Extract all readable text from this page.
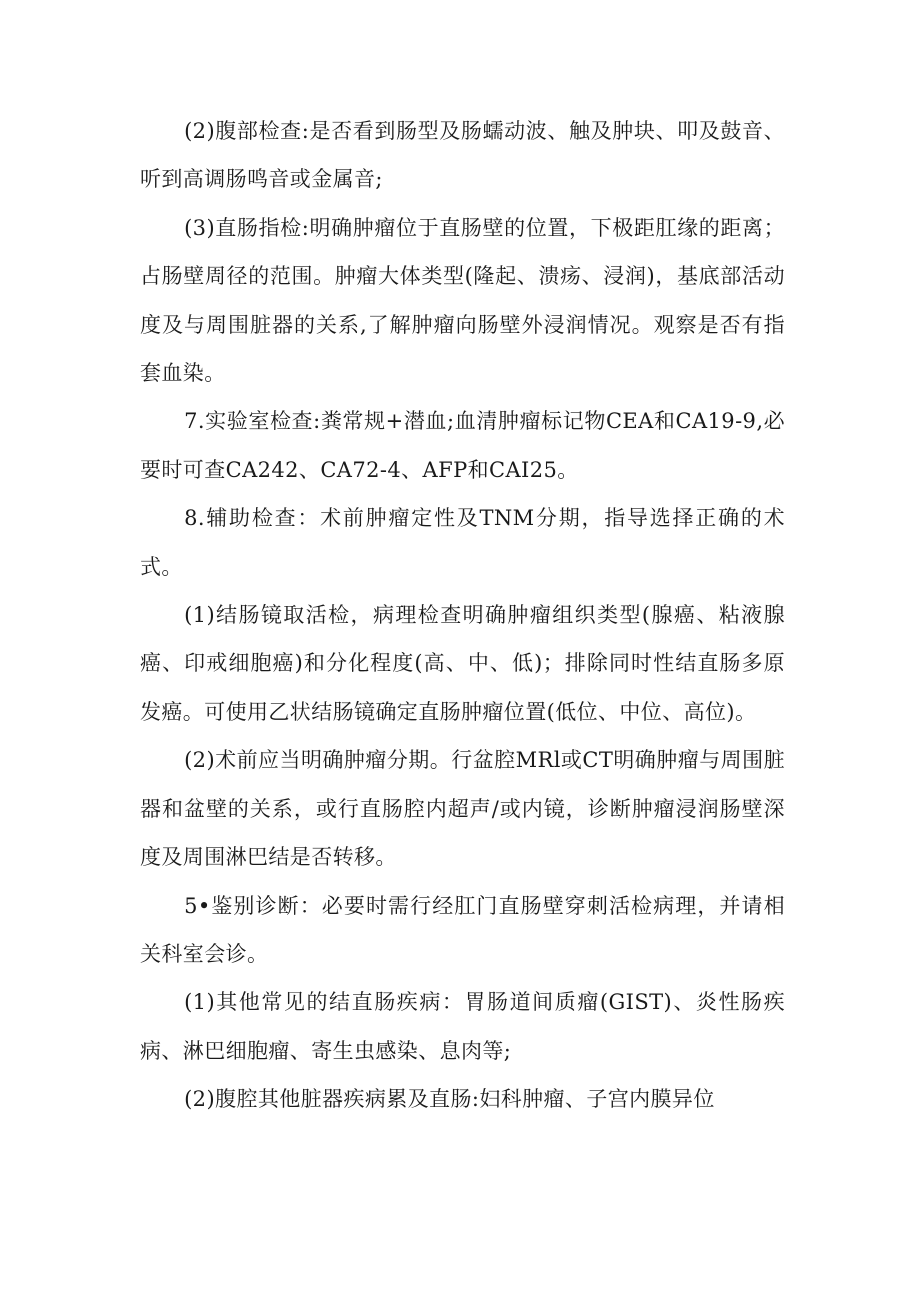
(2)腹部检查:是否看到肠型及肠蠕动波、触及肿块、叩及鼓音、听到高调肠鸣音或金属音;

(3)直肠指检:明确肿瘤位于直肠壁的位置，下极距肛缘的距离；占肠壁周径的范围。肿瘤大体类型(隆起、溃疡、浸润)，基底部活动度及与周围脏器的关系,了解肿瘤向肠壁外浸润情况。观察是否有指套血染。

7.实验室检查:粪常规+潜血;血清肿瘤标记物CEA和CA19-9,必要时可查CA242、CA72-4、AFP和CAI25。

8.辅助检查：术前肿瘤定性及TNM分期，指导选择正确的术式。

(1)结肠镜取活检，病理检查明确肿瘤组织类型(腺癌、粘液腺癌、印戒细胞癌)和分化程度(高、中、低)；排除同时性结直肠多原发癌。可使用乙状结肠镜确定直肠肿瘤位置(低位、中位、高位)。

(2)术前应当明确肿瘤分期。行盆腔MRl或CT明确肿瘤与周围脏器和盆壁的关系，或行直肠腔内超声/或内镜，诊断肿瘤浸润肠壁深度及周围淋巴结是否转移。

5•鉴别诊断：必要时需行经肛门直肠壁穿刺活检病理，并请相关科室会诊。

(1)其他常见的结直肠疾病：胃肠道间质瘤(GIST)、炎性肠疾病、淋巴细胞瘤、寄生虫感染、息肉等;

(2)腹腔其他脏器疾病累及直肠:妇科肿瘤、子宫内膜异位
